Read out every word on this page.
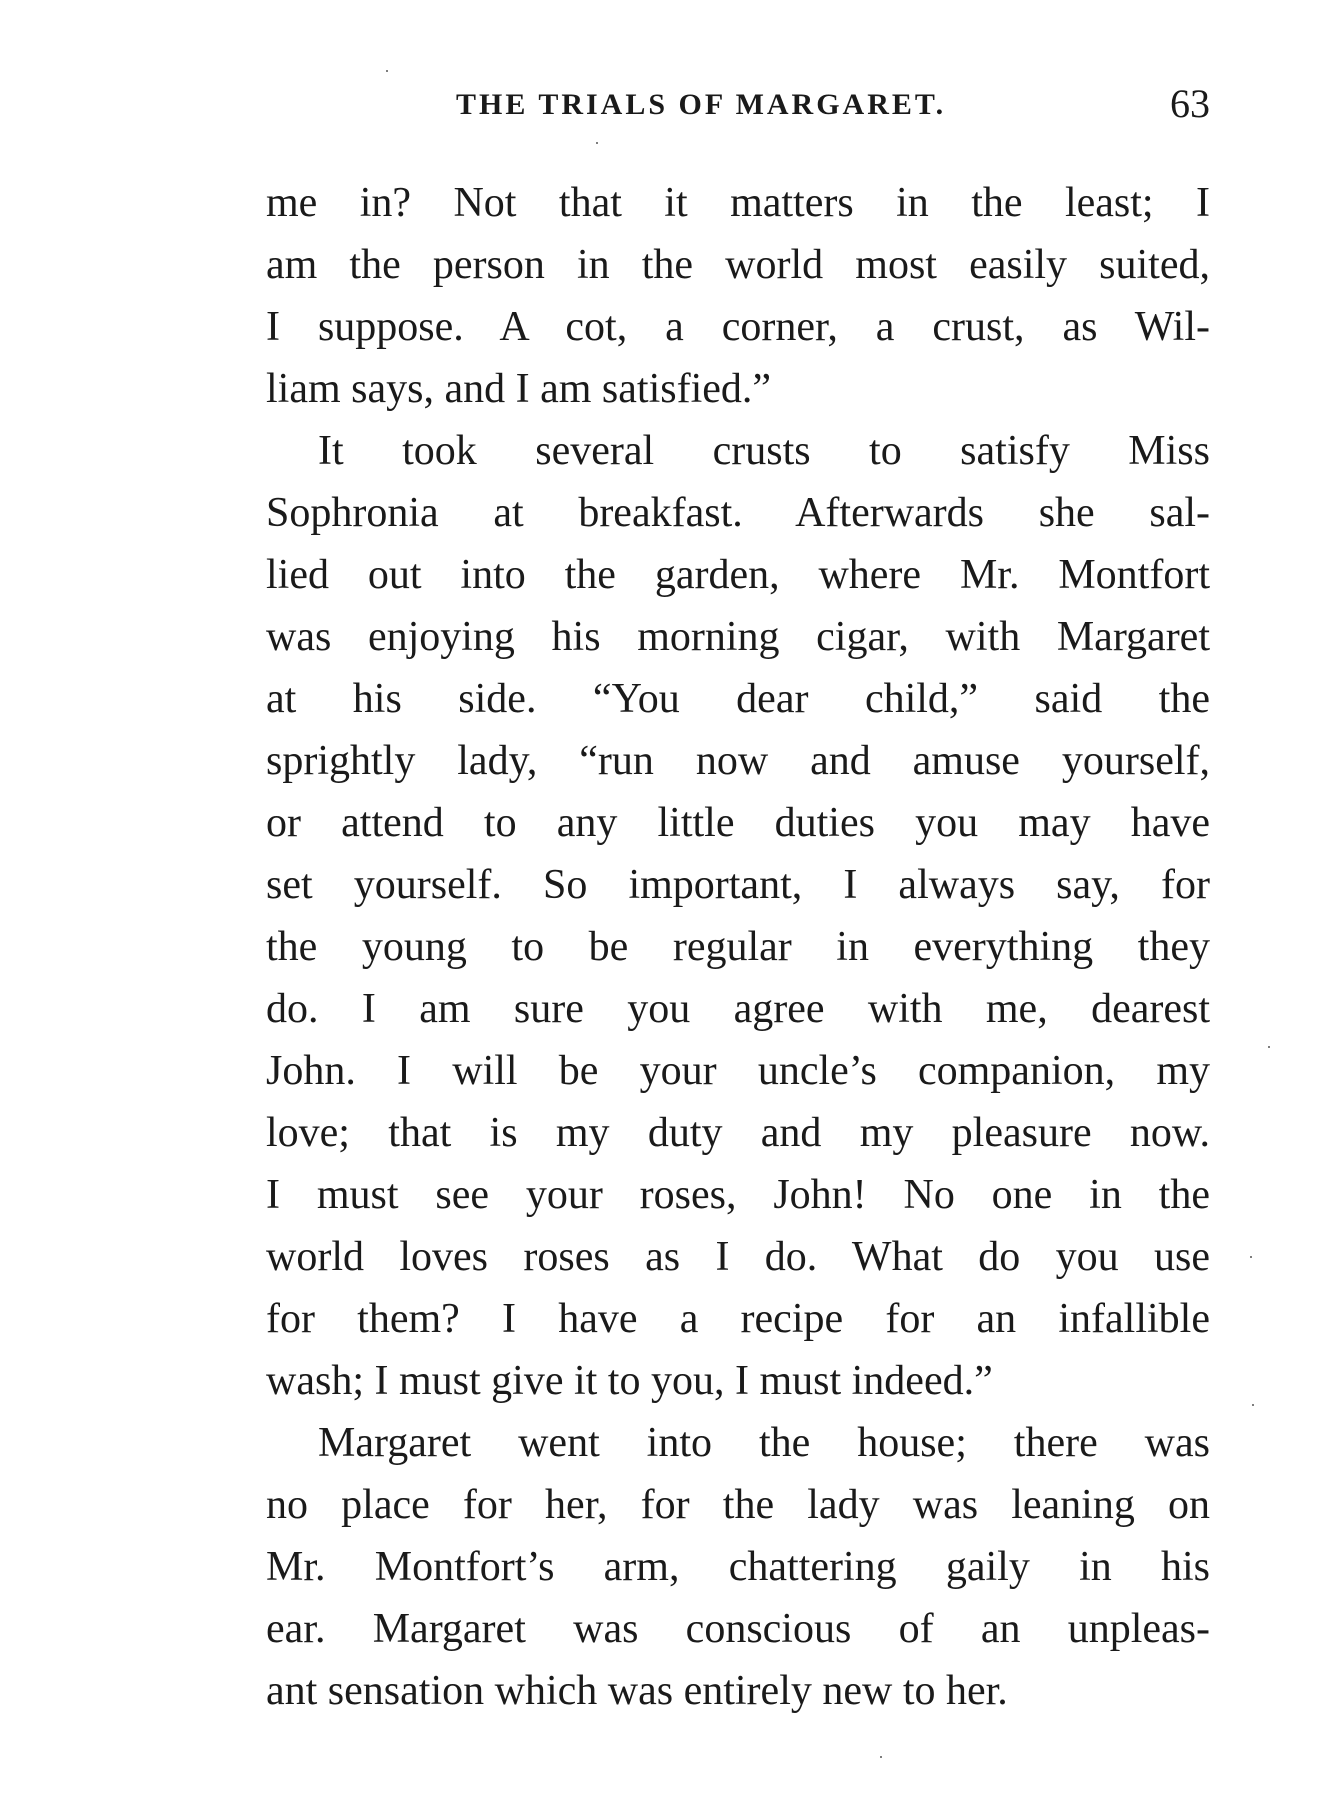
THE TRIALS OF MARGARET.	63
me in? Not that it matters in the least; I
am the person in the world most easily suited,
I suppose. A cot, a corner, a crust, as Wil-
liam says, and I am satisfied.”
It took several crusts to satisfy Miss
Sophronia at breakfast. Afterwards she sal-
lied out into the garden, where Mr. Montfort
was enjoying his morning cigar, with Margaret
at his side. “You dear child,” said the
sprightly lady, “run now and amuse yourself,
or attend to any little duties you may have
set yourself. So important, I always say, for
the young to be regular in everything they
do. I am sure you agree with me, dearest
John. I will be your uncle’s companion, my
love; that is my duty and my pleasure now.
I must see your roses, John! No one in the
world loves roses as I do. What do you use
for them? I have a recipe for an infallible
wash; I must give it to you, I must indeed.”
Margaret went into the house; there was
no place for her, for the lady was leaning on
Mr. Montfort’s arm, chattering gaily in his
ear. Margaret was conscious of an unpleas-
ant sensation which was entirely new to her.
